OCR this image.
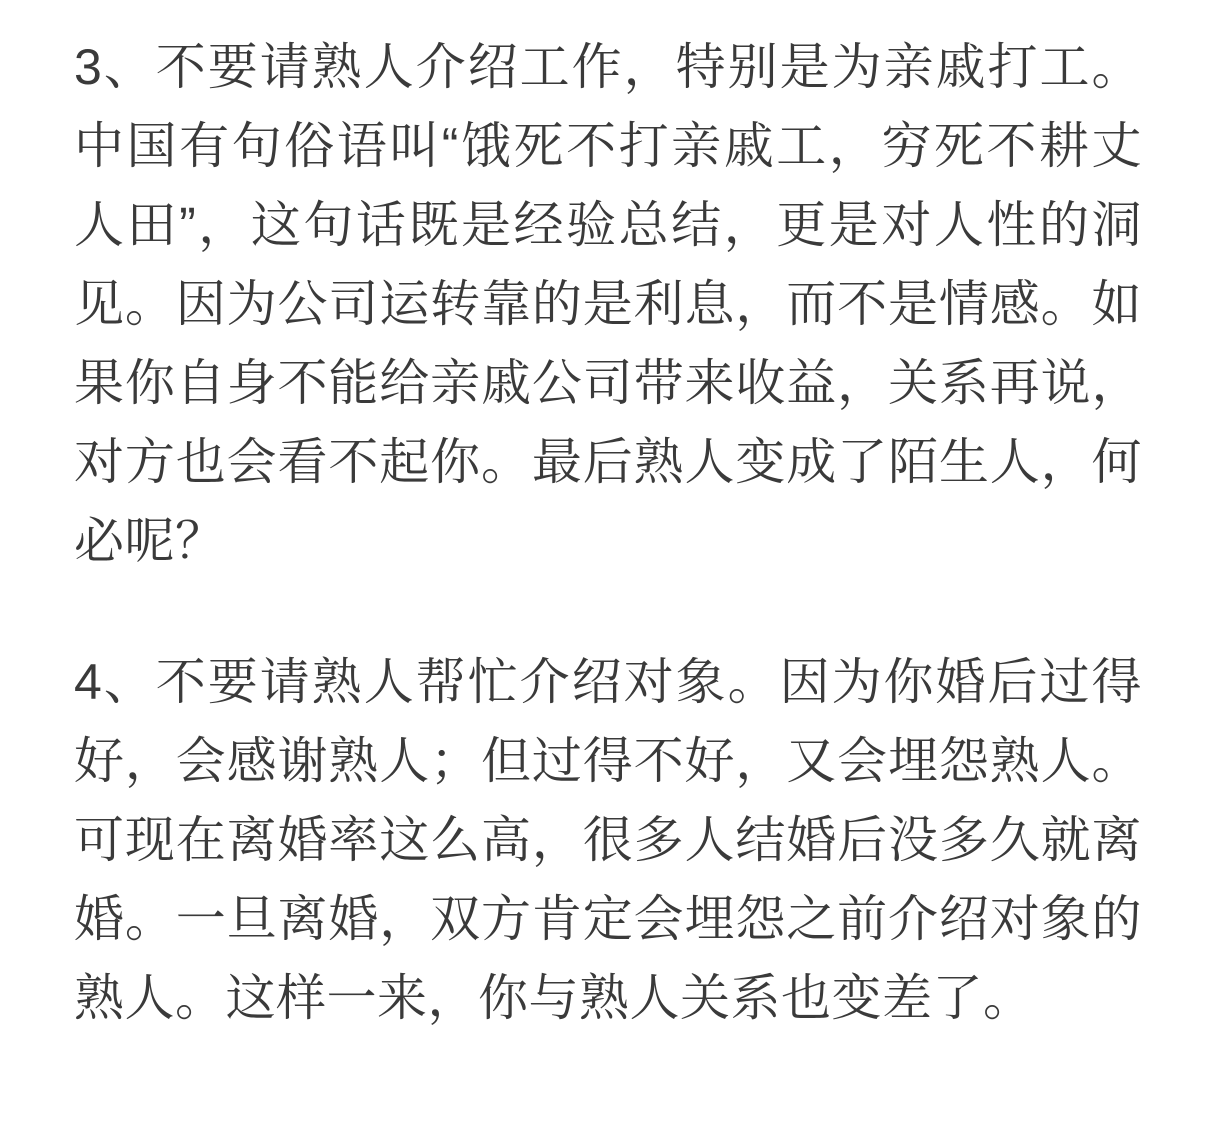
3、不要请熟人介绍工作，特别是为亲戚打工。中国有句俗语叫“饿死不打亲戚工，穷死不耕丈人田”，这句话既是经验总结，更是对人性的洞见。因为公司运转靠的是利息，而不是情感。如果你自身不能给亲戚公司带来收益，关系再说，对方也会看不起你。最后熟人变成了陌生人，何必呢？

4、不要请熟人帮忙介绍对象。因为你婚后过得好，会感谢熟人；但过得不好，又会埋怨熟人。可现在离婚率这么高，很多人结婚后没多久就离婚。一旦离婚，双方肯定会埋怨之前介绍对象的熟人。这样一来，你与熟人关系也变差了。
